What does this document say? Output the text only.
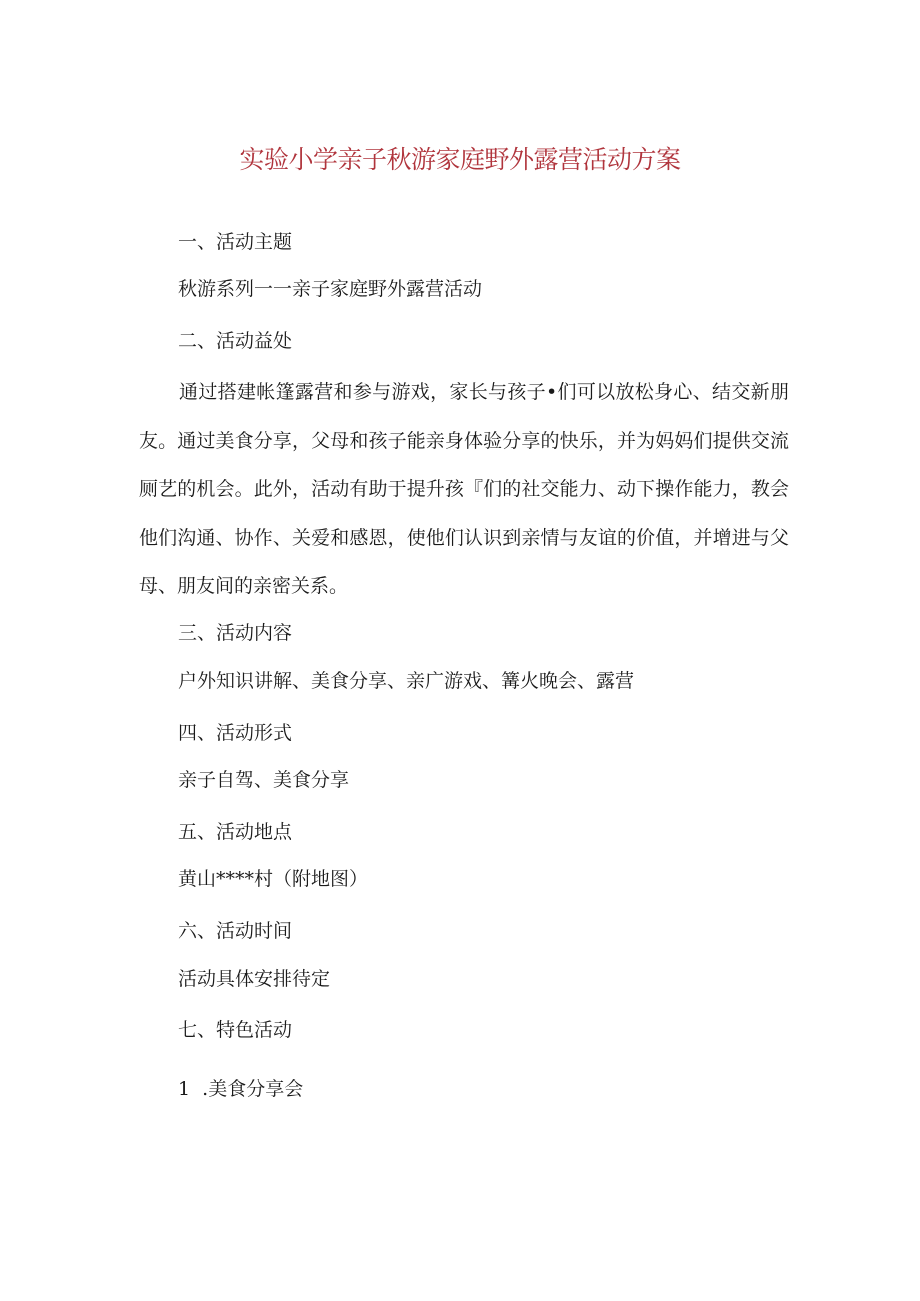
实验小学亲子秋游家庭野外露营活动方案
一、活动主题
秋游系列一一亲子家庭野外露营活动
二、活动益处
通过搭建帐篷露营和参与游戏，家长与孩子•们可以放松身心、结交新朋友。通过美食分享，父母和孩子能亲身体验分享的快乐，并为妈妈们提供交流厕艺的机会。此外，活动有助于提升孩『们的社交能力、动下操作能力，教会他们沟通、协作、关爱和感恩，使他们认识到亲情与友谊的价值，并增进与父母、朋友间的亲密关系。
三、活动内容
户外知识讲解、美食分享、亲广游戏、篝火晚会、露营
四、活动形式
亲子自驾、美食分享
五、活动地点
黄山****村（附地图）
六、活动时间
活动具体安排待定
七、特色活动
1  .美食分享会
